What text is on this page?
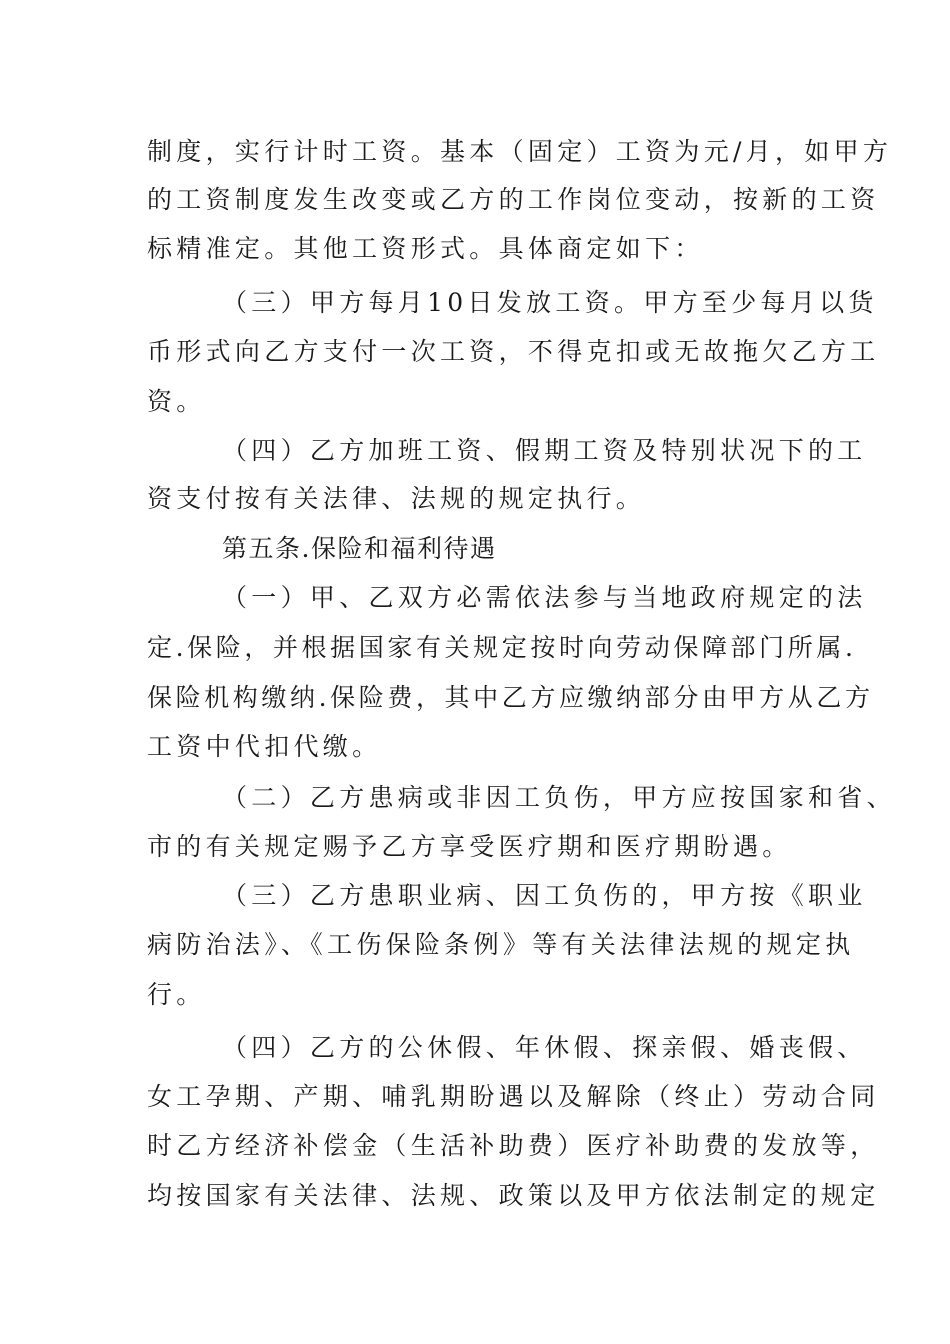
制度，实行计时工资。基本（固定）工资为元/月，如甲方
的工资制度发生改变或乙方的工作岗位变动，按新的工资
标精准定。其他工资形式。具体商定如下：
（三）甲方每月10日发放工资。甲方至少每月以货
币形式向乙方支付一次工资，不得克扣或无故拖欠乙方工
资。
（四）乙方加班工资、假期工资及特别状况下的工
资支付按有关法律、法规的规定执行。
第五条.保险和福利待遇
（一）甲、乙双方必需依法参与当地政府规定的法
定.保险，并根据国家有关规定按时向劳动保障部门所属.
保险机构缴纳.保险费，其中乙方应缴纳部分由甲方从乙方
工资中代扣代缴。
（二）乙方患病或非因工负伤，甲方应按国家和省、
市的有关规定赐予乙方享受医疗期和医疗期盼遇。
（三）乙方患职业病、因工负伤的，甲方按《职业
病防治法》、《工伤保险条例》等有关法律法规的规定执
行。
（四）乙方的公休假、年休假、探亲假、婚丧假、
女工孕期、产期、哺乳期盼遇以及解除（终止）劳动合同
时乙方经济补偿金（生活补助费）医疗补助费的发放等，
均按国家有关法律、法规、政策以及甲方依法制定的规定
